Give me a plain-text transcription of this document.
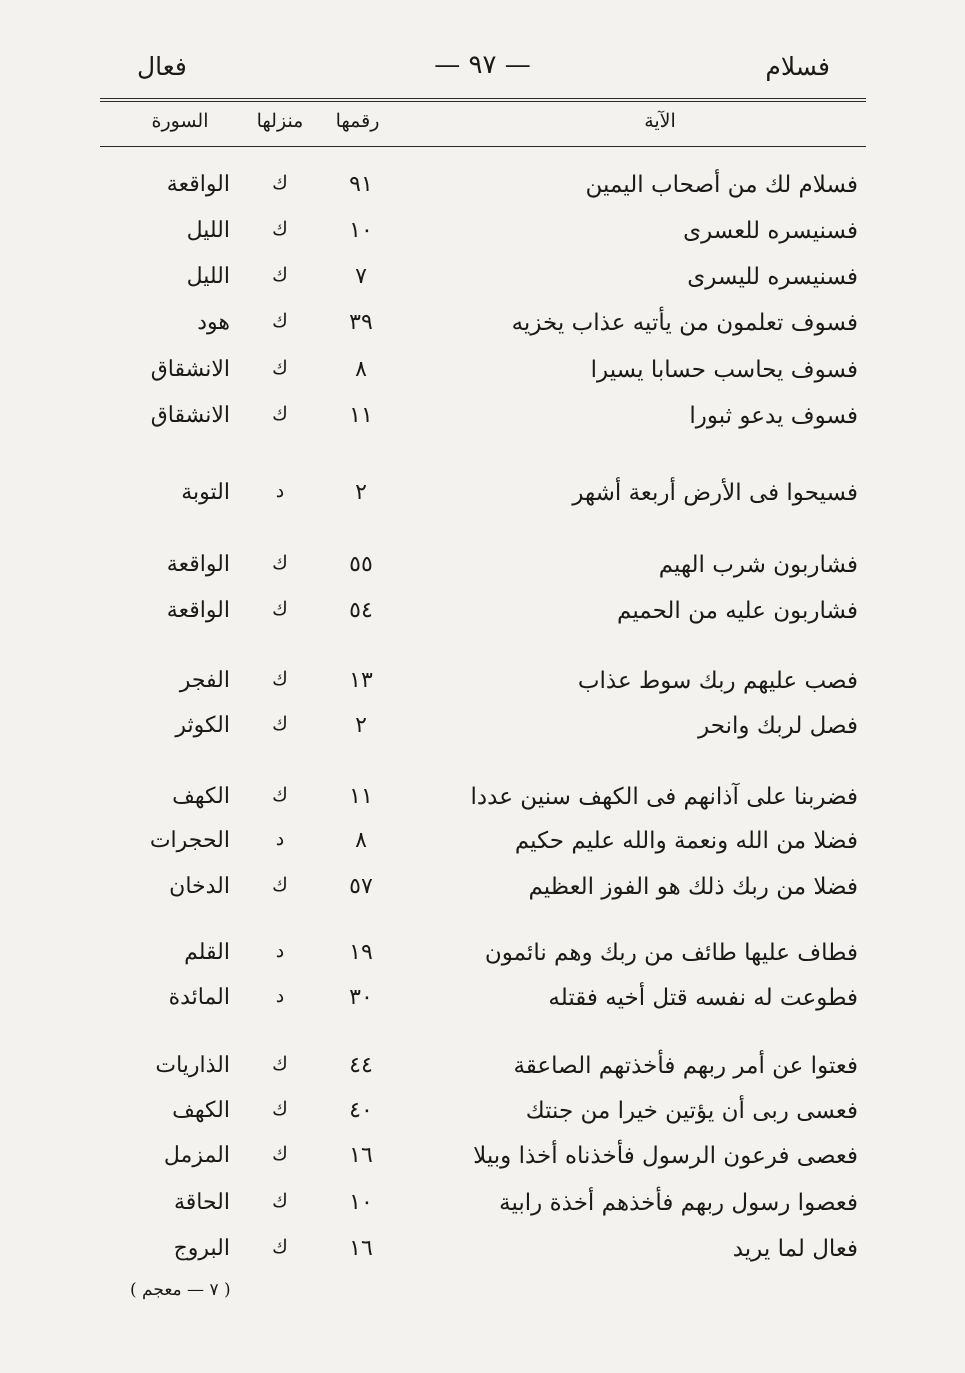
فسلام
— ٩٧ —
فعال
الآية
رقمها
منزلها
السورة
فسلام لك من أصحاب اليمين
٩١
ك
الواقعة
فسنيسره للعسرى
١٠
ك
الليل
فسنيسره لليسرى
٧
ك
الليل
فسوف تعلمون من يأتيه عذاب يخزيه
٣٩
ك
هود
فسوف يحاسب حسابا يسيرا
٨
ك
الانشقاق
فسوف يدعو ثبورا
١١
ك
الانشقاق
فسيحوا فى الأرض أربعة أشهر
٢
د
التوبة
فشاربون شرب الهيم
٥٥
ك
الواقعة
فشاربون عليه من الحميم
٥٤
ك
الواقعة
فصب عليهم ربك سوط عذاب
١٣
ك
الفجر
فصل لربك وانحر
٢
ك
الكوثر
فضربنا على آذانهم فى الكهف سنين عددا
١١
ك
الكهف
فضلا من الله ونعمة والله عليم حكيم
٨
د
الحجرات
فضلا من ربك ذلك هو الفوز العظيم
٥٧
ك
الدخان
فطاف عليها طائف من ربك وهم نائمون
١٩
د
القلم
فطوعت له نفسه قتل أخيه فقتله
٣٠
د
المائدة
فعتوا عن أمر ربهم فأخذتهم الصاعقة
٤٤
ك
الذاريات
فعسى ربى أن يؤتين خيرا من جنتك
٤٠
ك
الكهف
فعصى فرعون الرسول فأخذناه أخذا وبيلا
١٦
ك
المزمل
فعصوا رسول ربهم فأخذهم أخذة رابية
١٠
ك
الحاقة
فعال لما يريد
١٦
ك
البروج
( ٧ — معجم )
